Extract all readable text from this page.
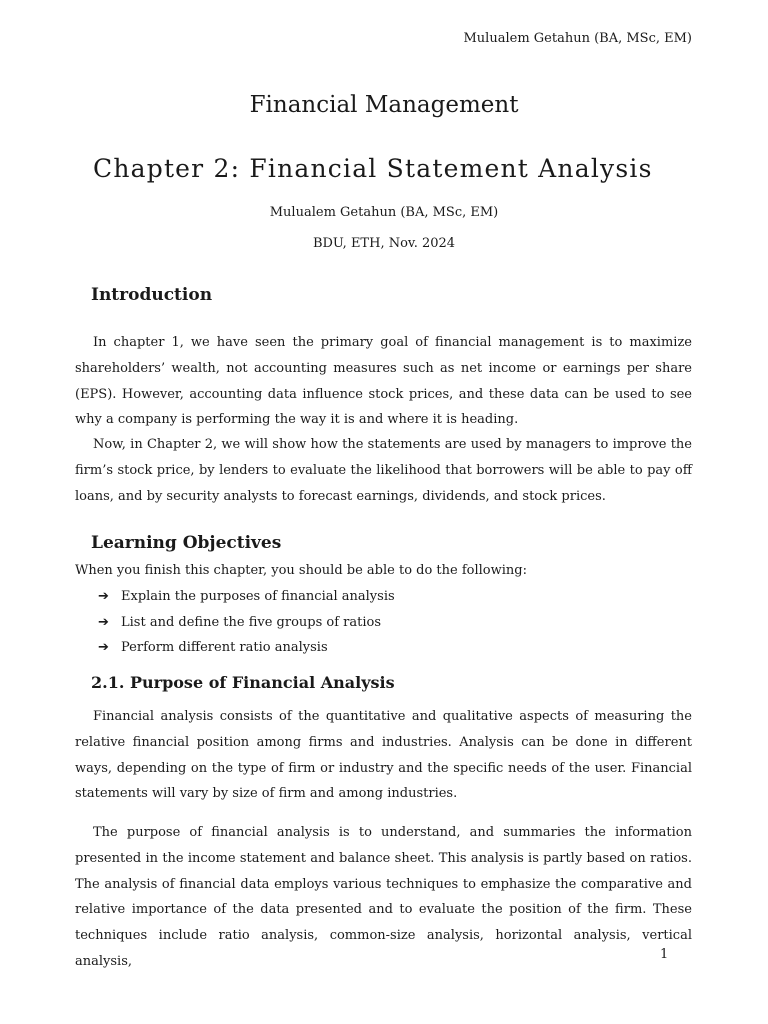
Mulualem Getahun (BA, MSc, EM)
Financial Management
Chapter 2: Financial Statement Analysis
Mulualem Getahun (BA, MSc, EM)
BDU, ETH, Nov. 2024
Introduction

In chapter 1, we have seen the primary goal of financial management is to maximize shareholders’ wealth, not accounting measures such as net income or earnings per share (EPS). However, accounting data influence stock prices, and these data can be used to see why a company is performing the way it is and where it is heading.

Now, in Chapter 2, we will show how the statements are used by managers to improve the firm’s stock price, by lenders to evaluate the likelihood that borrowers will be able to pay off loans, and by security analysts to forecast earnings, dividends, and stock prices.

Learning Objectives
When you finish this chapter, you should be able to do the following:
➔ Explain the purposes of financial analysis
➔ List and define the five groups of ratios
➔ Perform different ratio analysis
2.1. Purpose of Financial Analysis

Financial analysis consists of the quantitative and qualitative aspects of measuring the relative financial position among firms and industries. Analysis can be done in different ways, depending on the type of firm or industry and the specific needs of the user. Financial statements will vary by size of firm and among industries.

The purpose of financial analysis is to understand, and summaries the information presented in the income statement and balance sheet. This analysis is partly based on ratios. The analysis of financial data employs various techniques to emphasize the comparative and relative importance of the data presented and to evaluate the position of the firm. These techniques include ratio analysis, common-size analysis, horizontal analysis, vertical analysis,	1
